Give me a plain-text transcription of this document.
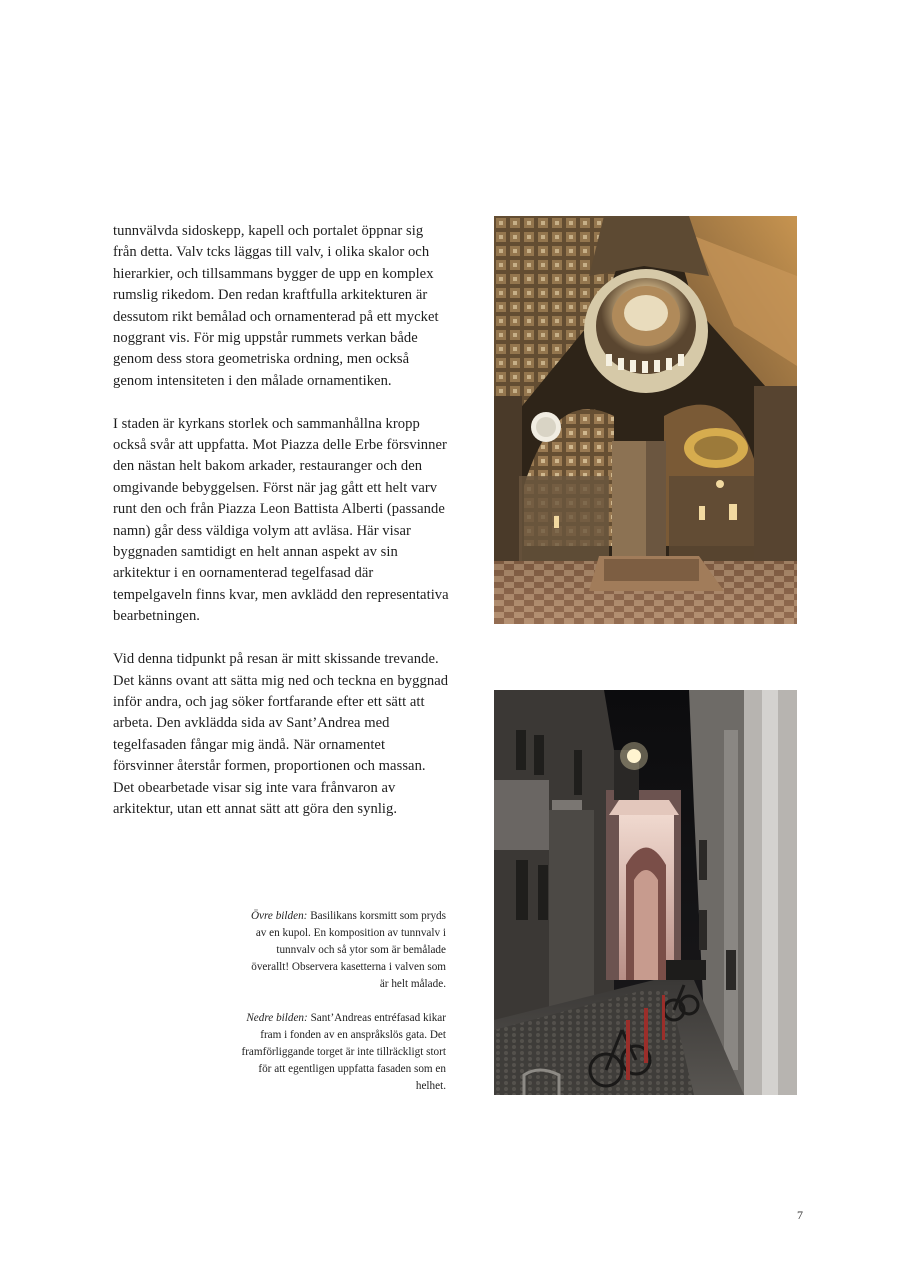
tunnvälvda sidoskepp, kapell och portalet öppnar sig från detta. Valv tcks läggas till valv, i olika skalor och hierarkier, och tillsammans bygger de upp en komplex rumslig rikedom. Den redan kraftfulla arkitekturen är dessutom rikt bemålad och ornamenterad på ett mycket noggrant vis. För mig uppstår rummets verkan både genom dess stora geometriska ordning, men också genom intensiteten i den målade ornamentiken.

I staden är kyrkans storlek och sammanhållna kropp också svår att uppfatta. Mot Piazza delle Erbe försvinner den nästan helt bakom arkader, restauranger och den omgivande bebyggelsen. Först när jag gått ett helt varv runt den och från Piazza Leon Battista Alberti (passande namn) går dess väldiga volym att avläsa. Här visar byggnaden samtidigt en helt annan aspekt av sin arkitektur i en oornamenterad tegelfasad där tempelgaveln finns kvar, men avklädd den representativa bearbetningen.

Vid denna tidpunkt på resan är mitt skissande trevande. Det känns ovant att sätta mig ned och teckna en byggnad inför andra, och jag söker fortfarande efter ett sätt att arbeta. Den avklädda sida av Sant’Andrea med tegelfasaden fångar mig ändå. När ornamentet försvinner återstår formen, proportionen och massan. Det obearbetade visar sig inte vara frånvaron av arkitektur, utan ett annat sätt att göra den synlig.

Övre bilden: Basilikans korsmitt som pryds av en kupol. En komposition av tunnvalv i tunnvalv och så ytor som är bemålade överallt! Observera kasetterna i valven som är helt målade.

Nedre bilden: Sant’Andreas entréfasad kikar fram i fonden av en anspråkslös gata. Det framförliggande torget är inte tillräckligt stort för att egentligen uppfatta fasaden som en helhet.

7
